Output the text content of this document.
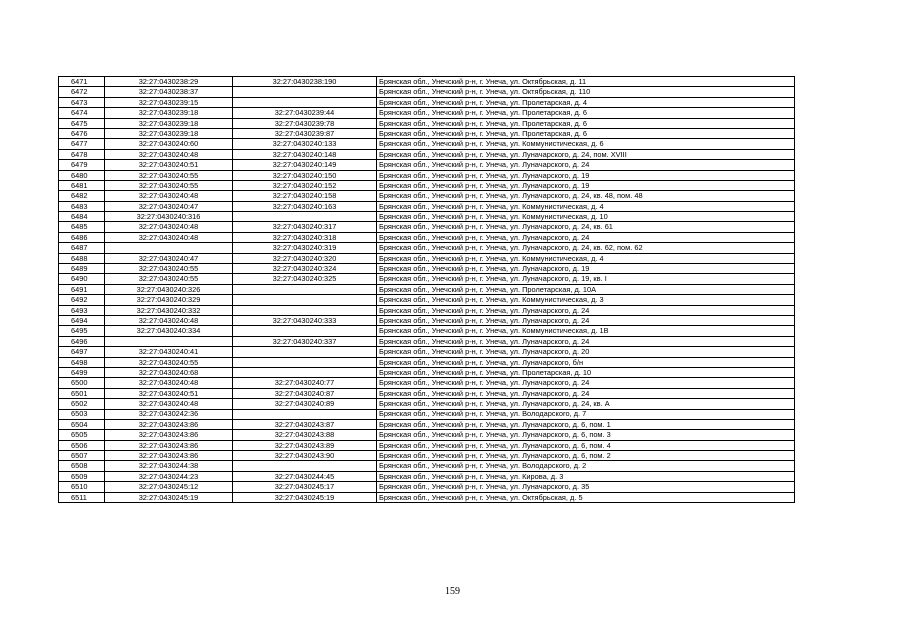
6471	32:27:0430238:29	32:27:0430238:190	Брянская обл., Унечский р-н, г. Унеча, ул. Октябрьская, д. 11
6472	32:27:0430238:37		Брянская обл., Унечский р-н, г. Унеча, ул. Октябрьская, д. 110
6473	32:27:0430239:15		Брянская обл., Унечский р-н, г. Унеча, ул. Пролетарская, д. 4
6474	32:27:0430239:18	32:27:0430239:44	Брянская обл., Унечский р-н, г. Унеча, ул. Пролетарская, д. 6
6475	32:27:0430239:18	32:27:0430239:78	Брянская обл., Унечский р-н, г. Унеча, ул. Пролетарская, д. 6
6476	32:27:0430239:18	32:27:0430239:87	Брянская обл., Унечский р-н, г. Унеча, ул. Пролетарская, д. 6
6477	32:27:0430240:60	32:27:0430240:133	Брянская обл., Унечский р-н, г. Унеча, ул. Коммунистическая, д. 6
6478	32:27:0430240:48	32:27:0430240:148	Брянская обл., Унечский р-н, г. Унеча, ул. Луначарского, д. 24, пом. XVIII
6479	32:27:0430240:51	32:27:0430240:149	Брянская обл., Унечский р-н, г. Унеча, ул. Луначарского, д. 24
6480	32:27:0430240:55	32:27:0430240:150	Брянская обл., Унечский р-н, г. Унеча, ул. Луначарского, д. 19
6481	32:27:0430240:55	32:27:0430240:152	Брянская обл., Унечский р-н, г. Унеча, ул. Луначарского, д. 19
6482	32:27:0430240:48	32:27:0430240:158	Брянская обл., Унечский р-н, г. Унеча, ул. Луначарского, д. 24, кв. 48, пом. 48
6483	32:27:0430240:47	32:27:0430240:163	Брянская обл., Унечский р-н, г. Унеча, ул. Коммунистическая, д. 4
6484	32:27:0430240:316		Брянская обл., Унечский р-н, г. Унеча, ул. Коммунистическая, д. 10
6485	32:27:0430240:48	32:27:0430240:317	Брянская обл., Унечский р-н, г. Унеча, ул. Луначарского, д. 24, кв. 61
6486	32:27:0430240:48	32:27:0430240:318	Брянская обл., Унечский р-н, г. Унеча, ул. Луначарского, д. 24
6487		32:27:0430240:319	Брянская обл., Унечский р-н, г. Унеча, ул. Луначарского, д. 24, кв. 62, пом. 62
6488	32:27:0430240:47	32:27:0430240:320	Брянская обл., Унечский р-н, г. Унеча, ул. Коммунистическая, д. 4
6489	32:27:0430240:55	32:27:0430240:324	Брянская обл., Унечский р-н, г. Унеча, ул. Луначарского, д. 19
6490	32:27:0430240:55	32:27:0430240:325	Брянская обл., Унечский р-н, г. Унеча, ул. Луначарского, д. 19, кв. I
6491	32:27:0430240:326		Брянская обл., Унечский р-н, г. Унеча, ул. Пролетарская, д. 10А
6492	32:27:0430240:329		Брянская обл., Унечский р-н, г. Унеча, ул. Коммунистическая, д. 3
6493	32:27:0430240:332		Брянская обл., Унечский р-н, г. Унеча, ул. Луначарского, д. 24
6494	32:27:0430240:48	32:27:0430240:333	Брянская обл., Унечский р-н, г. Унеча, ул. Луначарского, д. 24
6495	32:27:0430240:334		Брянская обл., Унечский р-н, г. Унеча, ул. Коммунистическая, д. 1В
6496		32:27:0430240:337	Брянская обл., Унечский р-н, г. Унеча, ул. Луначарского, д. 24
6497	32:27:0430240:41		Брянская обл., Унечский р-н, г. Унеча, ул. Луначарского, д. 20
6498	32:27:0430240:55		Брянская обл., Унечский р-н, г. Унеча, ул. Луначарского, б/н
6499	32:27:0430240:68		Брянская обл., Унечский р-н, г. Унеча, ул. Пролетарская, д. 10
6500	32:27:0430240:48	32:27:0430240:77	Брянская обл., Унечский р-н, г. Унеча, ул. Луначарского, д. 24
6501	32:27:0430240:51	32:27:0430240:87	Брянская обл., Унечский р-н, г. Унеча, ул. Луначарского, д. 24
6502	32:27:0430240:48	32:27:0430240:89	Брянская обл., Унечский р-н, г. Унеча, ул. Луначарского, д. 24, кв. А
6503	32:27:0430242:36		Брянская обл., Унечский р-н, г. Унеча, ул. Володарского, д. 7
6504	32:27:0430243:86	32:27:0430243:87	Брянская обл., Унечский р-н, г. Унеча, ул. Луначарского, д. 6, пом. 1
6505	32:27:0430243:86	32:27:0430243:88	Брянская обл., Унечский р-н, г. Унеча, ул. Луначарского, д. 6, пом. 3
6506	32:27:0430243:86	32:27:0430243:89	Брянская обл., Унечский р-н, г. Унеча, ул. Луначарского, д. 6, пом. 4
6507	32:27:0430243:86	32:27:0430243:90	Брянская обл., Унечский р-н, г. Унеча, ул. Луначарского, д. 6, пом. 2
6508	32:27:0430244:38		Брянская обл., Унечский р-н, г. Унеча, ул. Володарского, д. 2
6509	32:27:0430244:23	32:27:0430244:45	Брянская обл., Унечский р-н, г. Унеча, ул. Кирова, д. 3
6510	32:27:0430245:12	32:27:0430245:17	Брянская обл., Унечский р-н, г. Унеча, ул. Луначарского, д. 35
6511	32:27:0430245:19	32:27:0430245:19	Брянская обл., Унечский р-н, г. Унеча, ул. Октябрьская, д. 5
159
